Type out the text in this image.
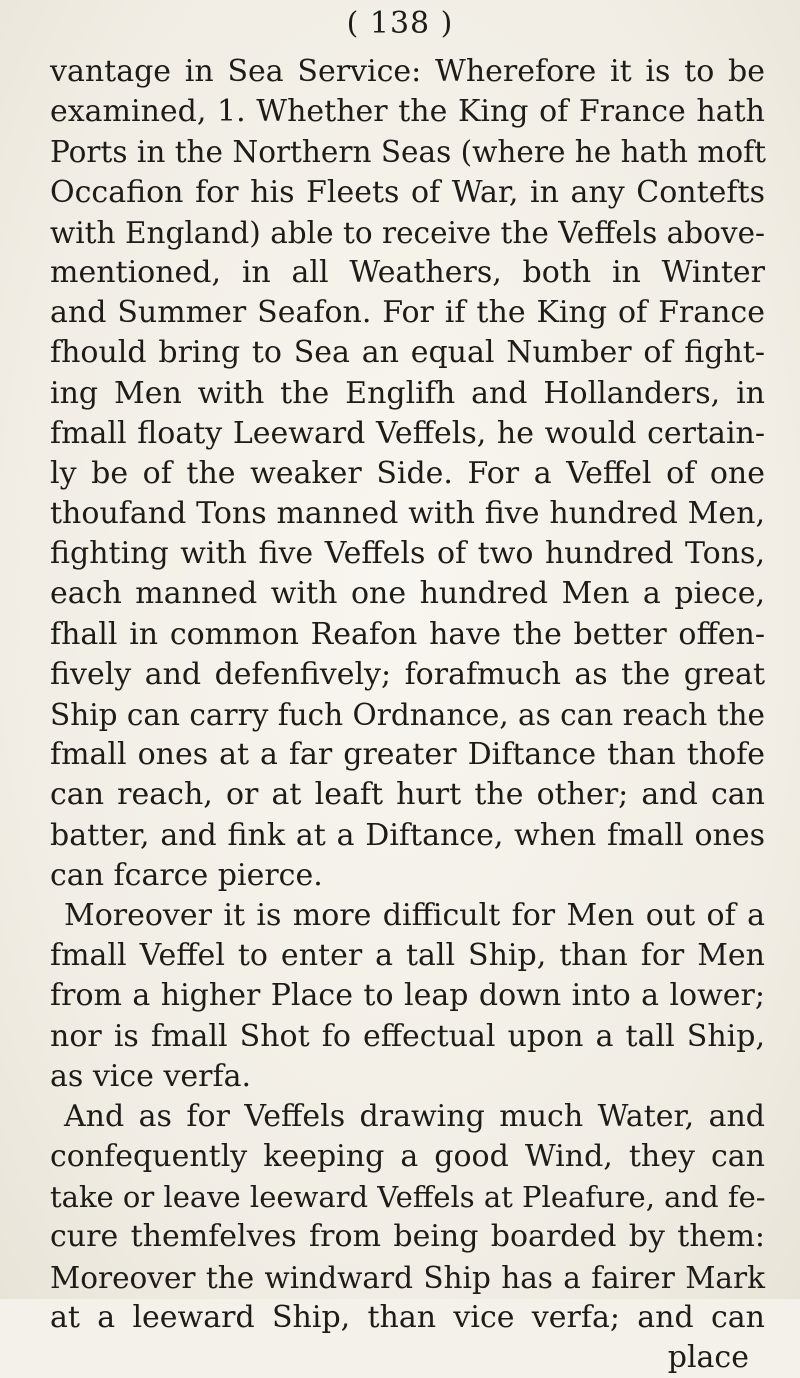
( 138 )
vantage in Sea Service: Wherefore it is to be
examined, 1. Whether the King of France hath
Ports in the Northern Seas (where he hath moft
Occafion for his Fleets of War, in any Contefts
with England) able to receive the Veffels above-
mentioned, in all Weathers, both in Winter
and Summer Seafon. For if the King of France
fhould bring to Sea an equal Number of fight-
ing Men with the Englifh and Hollanders, in
fmall floaty Leeward Veffels, he would certain-
ly be of the weaker Side. For a Veffel of one
thoufand Tons manned with five hundred Men,
fighting with five Veffels of two hundred Tons,
each manned with one hundred Men a piece,
fhall in common Reafon have the better offen-
fively and defenfively; forafmuch as the great
Ship can carry fuch Ordnance, as can reach the
fmall ones at a far greater Diftance than thofe
can reach, or at leaft hurt the other; and can
batter, and fink at a Diftance, when fmall ones
can fcarce pierce.
Moreover it is more difficult for Men out of a
fmall Veffel to enter a tall Ship, than for Men
from a higher Place to leap down into a lower;
nor is fmall Shot fo effectual upon a tall Ship,
as vice verfa.
And as for Veffels drawing much Water, and
confequently keeping a good Wind, they can
take or leave leeward Veffels at Pleafure, and fe-
cure themfelves from being boarded by them:
Moreover the windward Ship has a fairer Mark
at a leeward Ship, than vice verfa; and can
place
